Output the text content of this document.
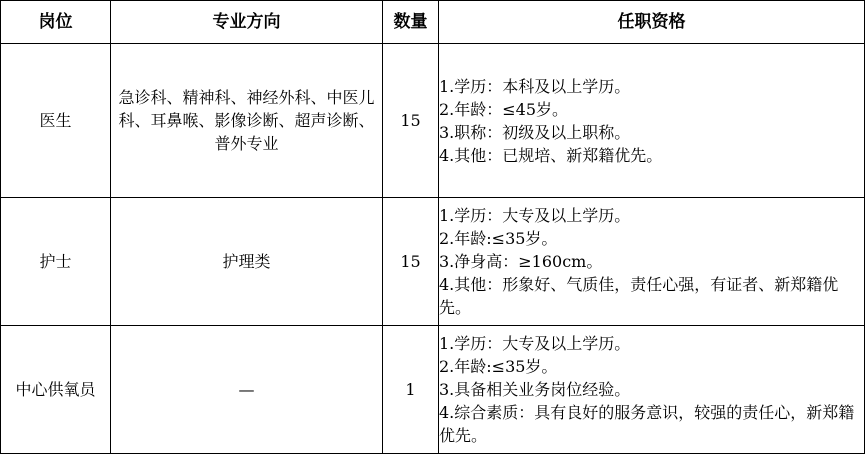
岗位	专业方向	数量	任职资格
医生	急诊科、精神科、神经外科、中医儿科、耳鼻喉、影像诊断、超声诊断、普外专业	15	1.学历：本科及以上学历。
2.年龄：≤45岁。
3.职称：初级及以上职称。
4.其他：已规培、新郑籍优先。

护士	护理类	15	1.学历：大专及以上学历。
2.年龄:≤35岁。
3.净身高：≥160cm。
4.其他：形象好、气质佳，责任心强，有证者、新郑籍优先。

中心供氧员	—	1	1.学历：大专及以上学历。
2.年龄:≤35岁。
3.具备相关业务岗位经验。
4.综合素质：具有良好的服务意识，较强的责任心，新郑籍优先。
